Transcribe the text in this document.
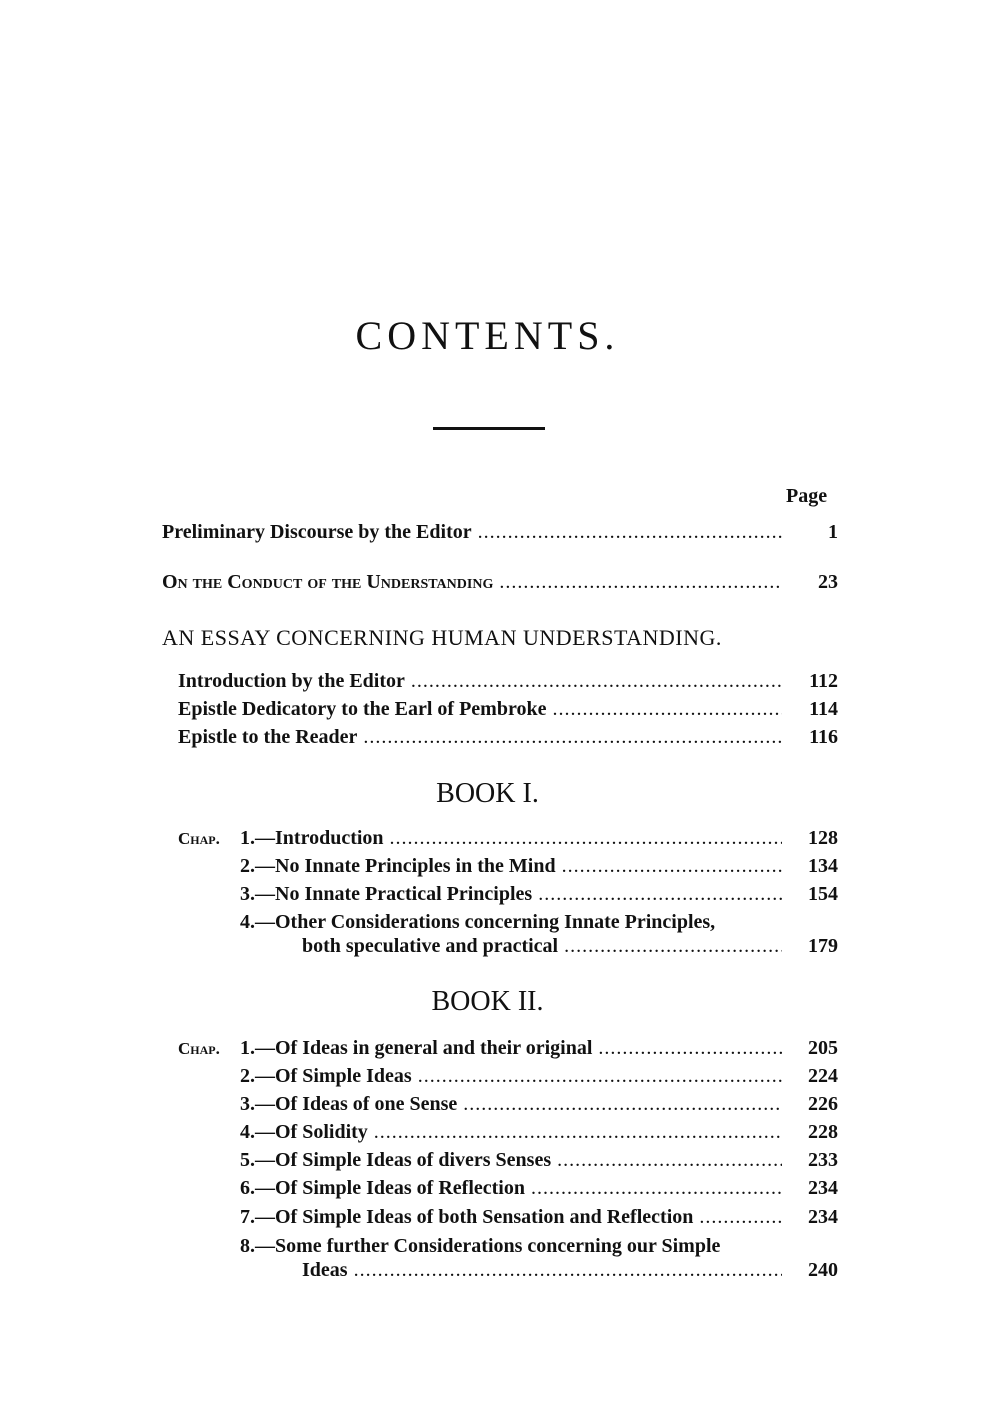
CONTENTS.
Page
Preliminary Discourse by the Editor . . .	1
On the Conduct of the Understanding . . .	23
AN ESSAY CONCERNING HUMAN UNDERSTANDING.
Introduction by the Editor . . .	112
Epistle Dedicatory to the Earl of Pembroke . . .	114
Epistle to the Reader . . .	116
BOOK I.
Chap. 1.—Introduction . . .	128
2.—No Innate Principles in the Mind . . .	134
3.—No Innate Practical Principles . . .	154
4.—Other Considerations concerning Innate Principles,
both speculative and practical . . .	179
BOOK II.
Chap. 1.—Of Ideas in general and their original . . .	205
2.—Of Simple Ideas . . .	224
3.—Of Ideas of one Sense . . .	226
4.—Of Solidity . . .	228
5.—Of Simple Ideas of divers Senses . . .	233
6.—Of Simple Ideas of Reflection . . .	234
7.—Of Simple Ideas of both Sensation and Reflection . . .	234
8.—Some further Considerations concerning our Simple
Ideas . . .	240
